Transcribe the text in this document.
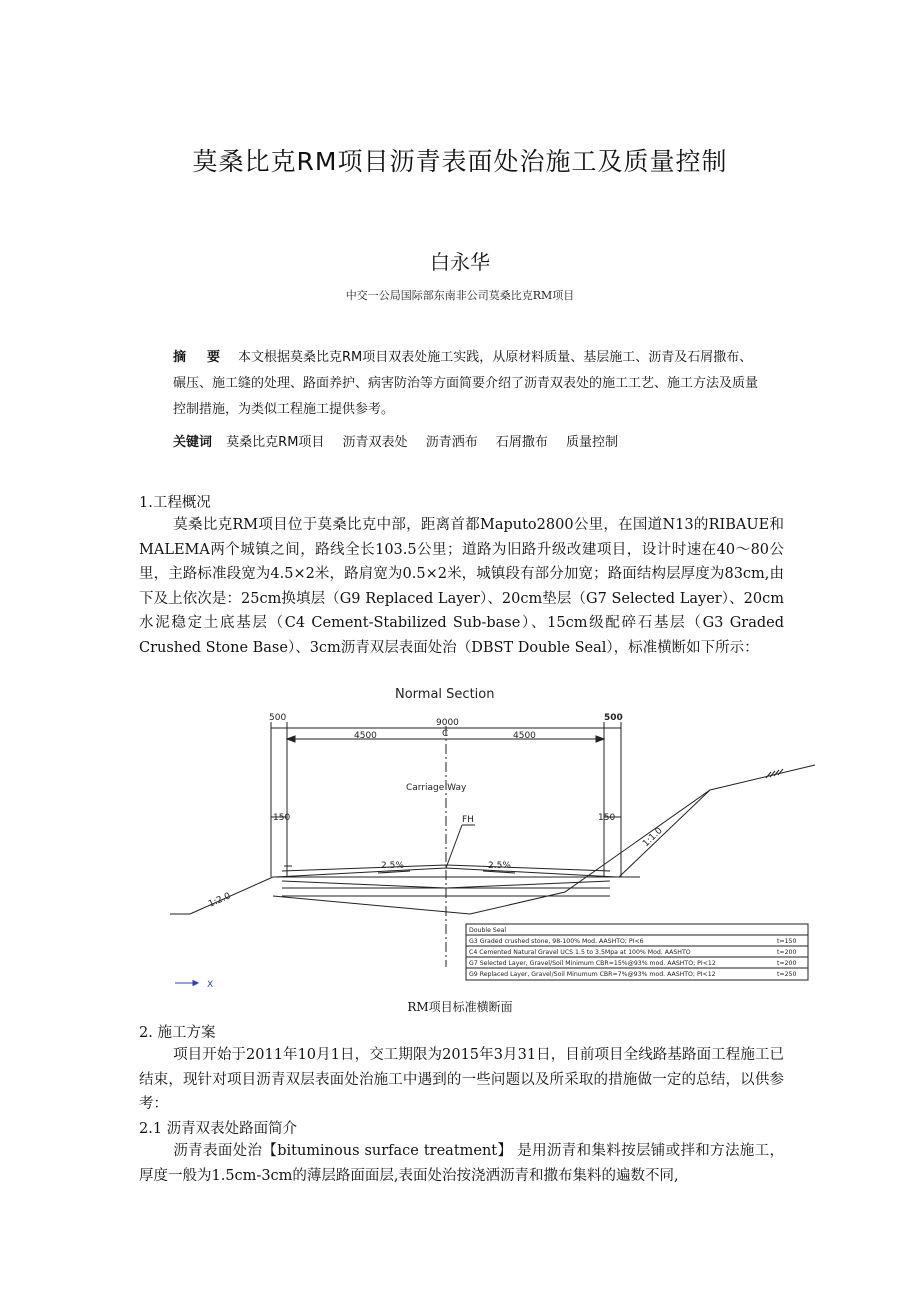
莫桑比克RM项目沥青表面处治施工及质量控制
白永华
中交一公局国际部东南非公司莫桑比克RM项目
摘　要 本文根据莫桑比克RM项目双表处施工实践，从原材料质量、基层施工、沥青及石屑撒布、碾压、施工缝的处理、路面养护、病害防治等方面简要介绍了沥青双表处的施工工艺、施工方法及质量控制措施，为类似工程施工提供参考。
关键词 莫桑比克RM项目 沥青双表处 沥青洒布 石屑撒布 质量控制
1.工程概况
莫桑比克RM项目位于莫桑比克中部，距离首都Maputo2800公里，在国道N13的RIBAUE和MALEMA两个城镇之间，路线全长103.5公里；道路为旧路升级改建项目，设计时速在40～80公里，主路标准段宽为4.5×2米，路肩宽为0.5×2米，城镇段有部分加宽；路面结构层厚度为83cm,由下及上依次是：25cm换填层（G9 Replaced Layer）、20cm垫层（G7 Selected Layer）、20cm水泥稳定土底基层（C4 Cement-Stabilized Sub-base）、15cm级配碎石基层（G3 Graded Crushed Stone Base）、3cm沥青双层表面处治（DBST Double Seal），标准横断如下所示：
Normal Section
500	500
9000
C
4500	4500
Carriage Way
150	150
FH
2.5%	2.5%
1:2.0
1:1.0
X
Double Seal
G3 Graded crushed stone, 98-100% Mod. AASHTO; PI<6	t=150
C4 Cemented Natural Gravel UCS 1.5 to 3.5Mpa at 100% Mod. AASHTO	t=200
G7 Selected Layer, Gravel/Soil Minimum CBR=15%@93% mod. AASHTO; PI<12	t=200
G9 Replaced Layer, Gravel/Soil Minumum CBR=7%@93% mod. AASHTO; PI<12	t=250
RM项目标准横断面
2. 施工方案
项目开始于2011年10月1日，交工期限为2015年3月31日，目前项目全线路基路面工程施工已结束，现针对项目沥青双层表面处治施工中遇到的一些问题以及所采取的措施做一定的总结，以供参考：
2.1 沥青双表处路面简介
沥青表面处治【bituminous surface treatment】 是用沥青和集料按层铺或拌和方法施工，厚度一般为1.5cm-3cm的薄层路面面层,表面处治按浇洒沥青和撒布集料的遍数不同,
